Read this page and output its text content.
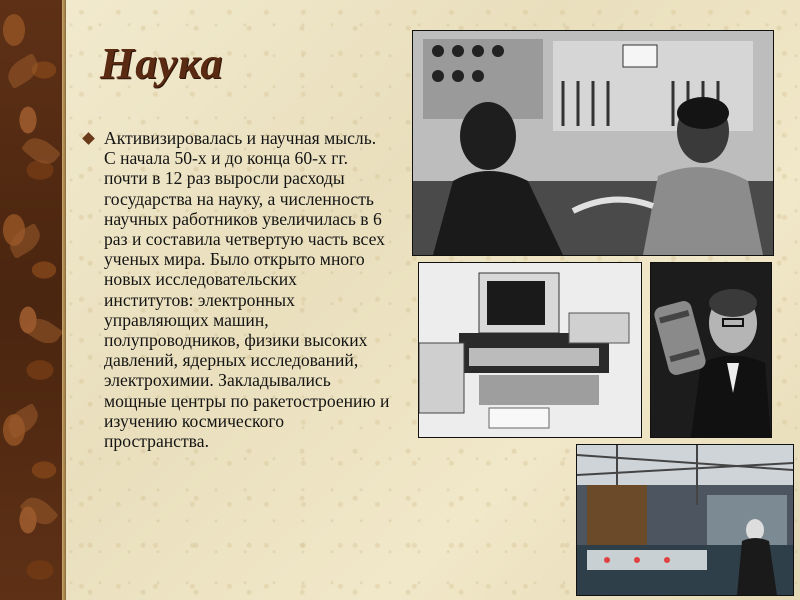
Наука
Активизировалась и научная мысль. С начала 50-х и до конца 60-х гг. почти в 12 раз выросли расходы государства на науку, а численность научных работников увеличилась в 6 раз и составила четвертую часть всех ученых мира. Было открыто много новых исследовательских институтов: электронных управляющих машин, полупроводников, физики высоких давлений, ядерных исследований, электрохимии. Закладывались мощные центры по ракетостроению и изучению космического пространства.
